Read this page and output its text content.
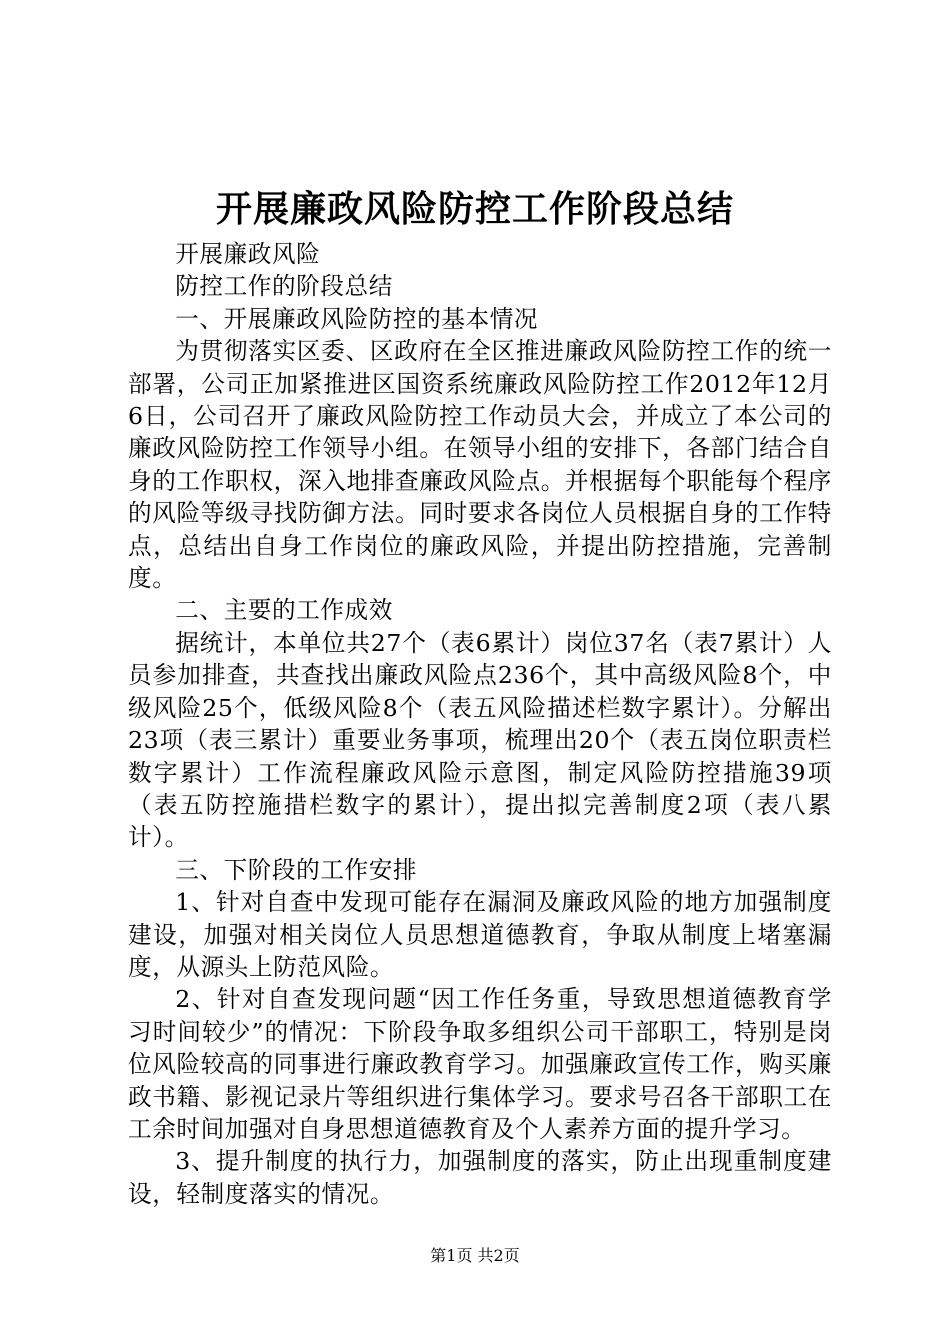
开展廉政风险防控工作阶段总结

开展廉政风险

防控工作的阶段总结

一、开展廉政风险防控的基本情况

为贯彻落实区委、区政府在全区推进廉政风险防控工作的统一部署，公司正加紧推进区国资系统廉政风险防控工作2012年12月6日，公司召开了廉政风险防控工作动员大会，并成立了本公司的廉政风险防控工作领导小组。在领导小组的安排下，各部门结合自身的工作职权，深入地排查廉政风险点。并根据每个职能每个程序的风险等级寻找防御方法。同时要求各岗位人员根据自身的工作特点，总结出自身工作岗位的廉政风险，并提出防控措施，完善制度。

二、主要的工作成效

据统计，本单位共27个（表6累计）岗位37名（表7累计）人员参加排查，共查找出廉政风险点236个，其中高级风险8个，中级风险25个，低级风险8个（表五风险描述栏数字累计）。分解出23项（表三累计）重要业务事项，梳理出20个（表五岗位职责栏数字累计）工作流程廉政风险示意图，制定风险防控措施39项（表五防控施措栏数字的累计），提出拟完善制度2项（表八累计）。

三、下阶段的工作安排

1、针对自查中发现可能存在漏洞及廉政风险的地方加强制度建设，加强对相关岗位人员思想道德教育，争取从制度上堵塞漏度，从源头上防范风险。

2、针对自查发现问题“因工作任务重，导致思想道德教育学习时间较少”的情况：下阶段争取多组织公司干部职工，特别是岗位风险较高的同事进行廉政教育学习。加强廉政宣传工作，购买廉政书籍、影视记录片等组织进行集体学习。要求号召各干部职工在工余时间加强对自身思想道德教育及个人素养方面的提升学习。

3、提升制度的执行力，加强制度的落实，防止出现重制度建设，轻制度落实的情况。

第1页 共2页
